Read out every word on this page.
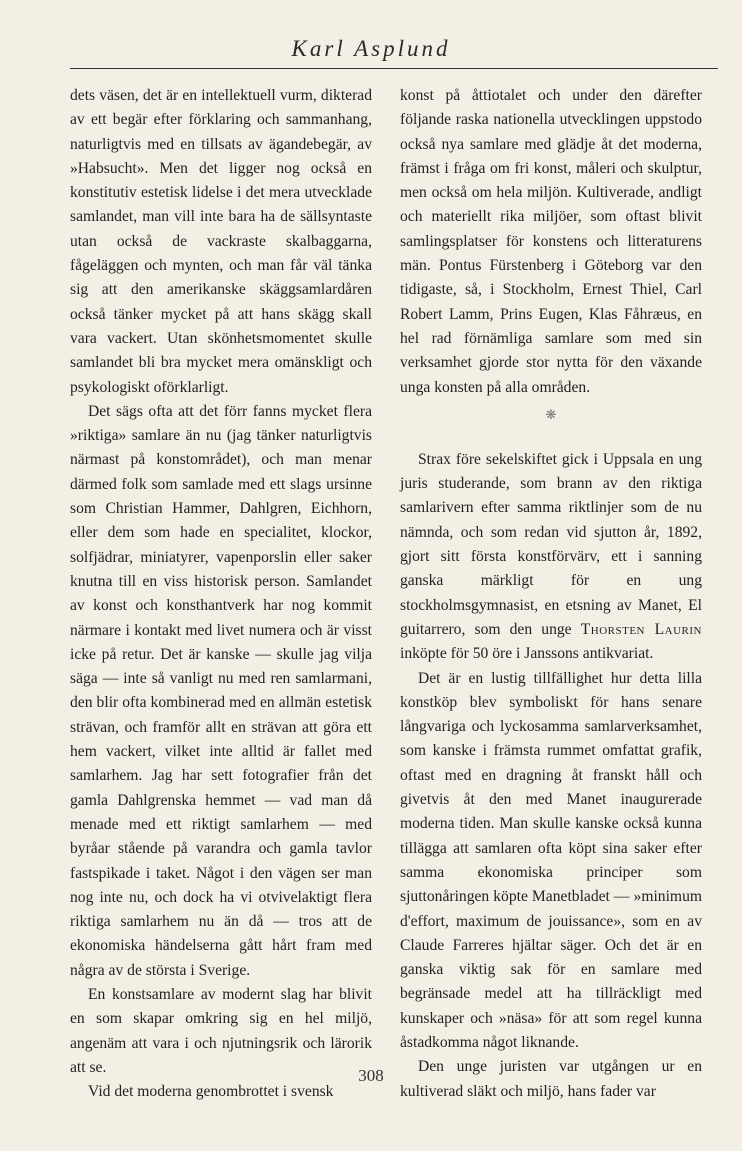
Karl Asplund

dets väsen, det är en intellektuell vurm, dikterad av ett begär efter förklaring och sammanhang, naturligtvis med en tillsats av ägandebegär, av »Habsucht». Men det ligger nog också en konstitutiv estetisk lidelse i det mera utvecklade samlandet, man vill inte bara ha de sällsyntaste utan också de vackraste skalbaggarna, fågeläggen och mynten, och man får väl tänka sig att den amerikanske skäggsamlardåren också tänker mycket på att hans skägg skall vara vackert. Utan skönhetsmomentet skulle samlandet bli bra mycket mera omänskligt och psykologiskt oförklarligt.

Det sägs ofta att det förr fanns mycket flera »riktiga» samlare än nu (jag tänker naturligtvis närmast på konstområdet), och man menar därmed folk som samlade med ett slags ursinne som Christian Hammer, Dahlgren, Eichhorn, eller dem som hade en specialitet, klockor, solfjädrar, miniatyrer, vapenporslin eller saker knutna till en viss historisk person. Samlandet av konst och konsthantverk har nog kommit närmare i kontakt med livet numera och är visst icke på retur. Det är kanske — skulle jag vilja säga — inte så vanligt nu med ren samlarmani, den blir ofta kombinerad med en allmän estetisk strävan, och framför allt en strävan att göra ett hem vackert, vilket inte alltid är fallet med samlarhem. Jag har sett fotografier från det gamla Dahlgrenska hemmet — vad man då menade med ett riktigt samlarhem — med byråar stående på varandra och gamla tavlor fastspikade i taket. Något i den vägen ser man nog inte nu, och dock ha vi otvivelaktigt flera riktiga samlarhem nu än då — tros att de ekonomiska händelserna gått hårt fram med några av de största i Sverige.

En konstsamlare av modernt slag har blivit en som skapar omkring sig en hel miljö, angenäm att vara i och njutningsrik och lärorik att se.

Vid det moderna genombrottet i svensk

konst på åttiotalet och under den därefter följande raska nationella utvecklingen uppstodo också nya samlare med glädje åt det moderna, främst i fråga om fri konst, måleri och skulptur, men också om hela miljön. Kultiverade, andligt och materiellt rika miljöer, som oftast blivit samlingsplatser för konstens och litteraturens män. Pontus Fürstenberg i Göteborg var den tidigaste, så, i Stockholm, Ernest Thiel, Carl Robert Lamm, Prins Eugen, Klas Fåhræus, en hel rad förnämliga samlare som med sin verksamhet gjorde stor nytta för den växande unga konsten på alla områden.

❋

Strax före sekelskiftet gick i Uppsala en ung juris studerande, som brann av den riktiga samlarivern efter samma riktlinjer som de nu nämnda, och som redan vid sjutton år, 1892, gjort sitt första konstförvärv, ett i sanning ganska märkligt för en ung stockholmsgymnasist, en etsning av Manet, El guitarrero, som den unge Thorsten Laurin inköpte för 50 öre i Janssons antikvariat.

Det är en lustig tillfällighet hur detta lilla konstköp blev symboliskt för hans senare långvariga och lyckosamma samlarverksamhet, som kanske i främsta rummet omfattat grafik, oftast med en dragning åt franskt håll och givetvis åt den med Manet inaugurerade moderna tiden. Man skulle kanske också kunna tillägga att samlaren ofta köpt sina saker efter samma ekonomiska principer som sjuttonåringen köpte Manetbladet — »minimum d'effort, maximum de jouissance», som en av Claude Farreres hjältar säger. Och det är en ganska viktig sak för en samlare med begränsade medel att ha tillräckligt med kunskaper och »näsa» för att som regel kunna åstadkomma något liknande.

Den unge juristen var utgången ur en kultiverad släkt och miljö, hans fader var

308
